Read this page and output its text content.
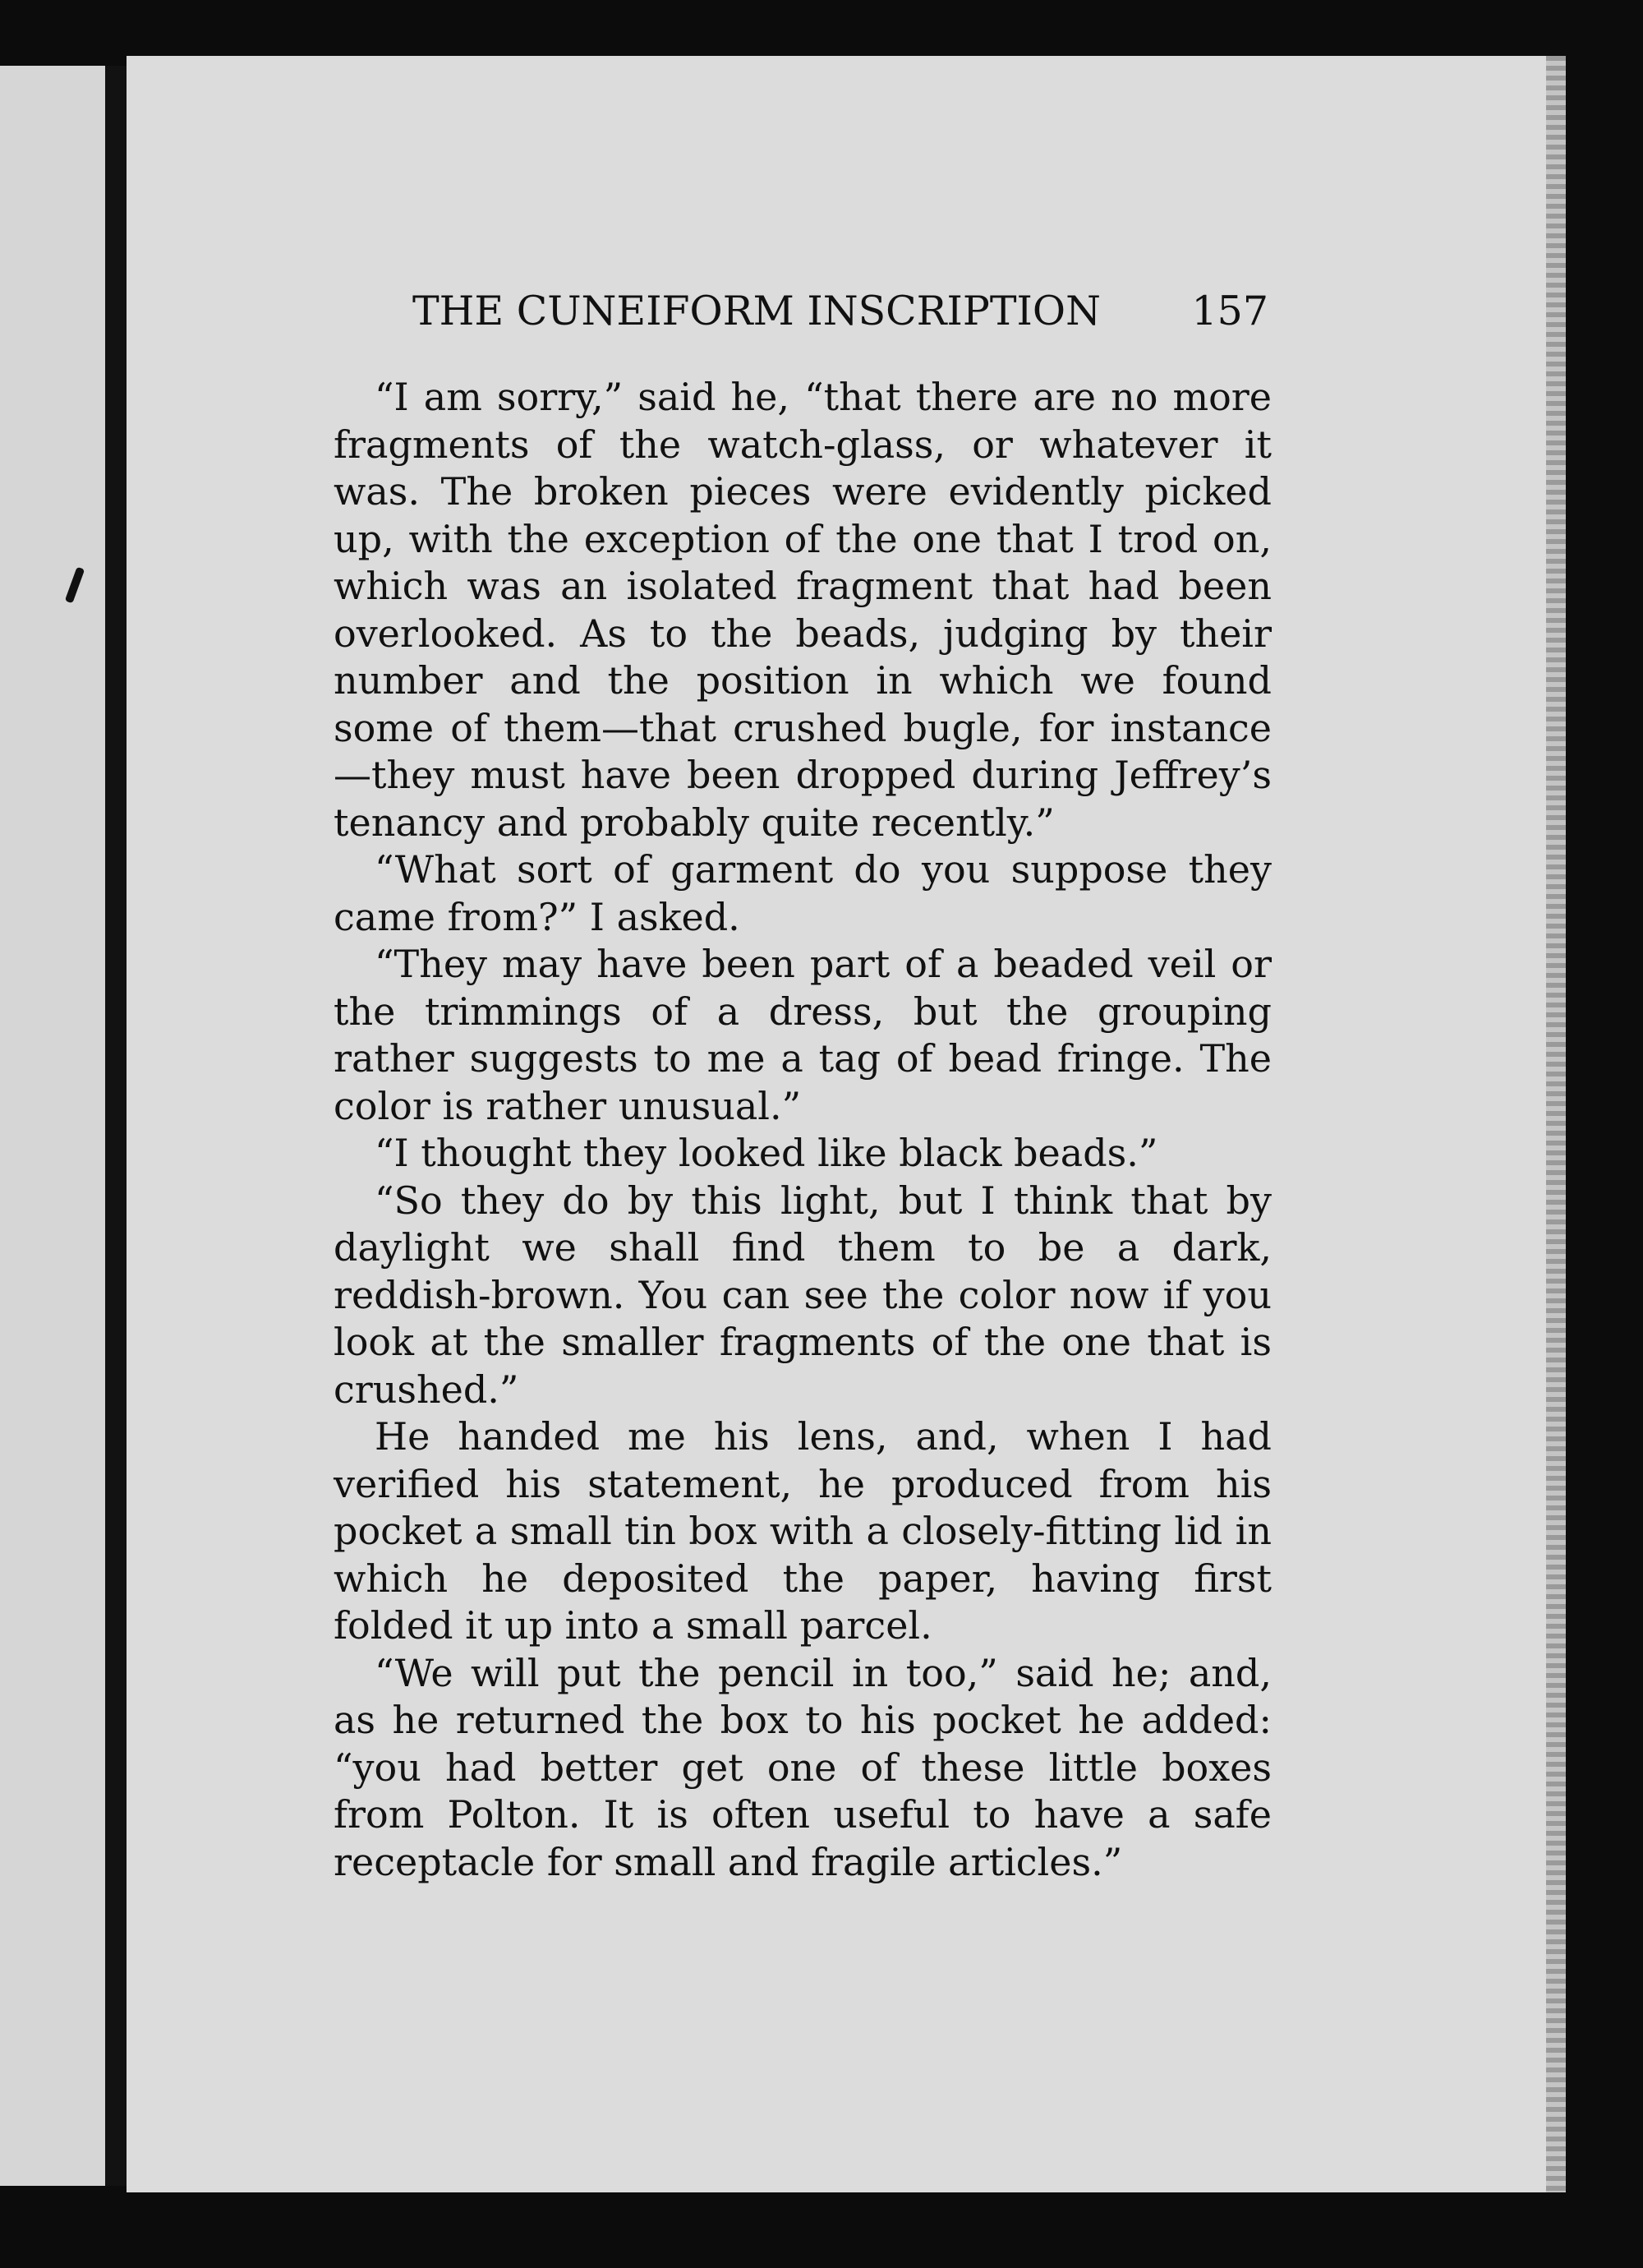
THE CUNEIFORM INSCRIPTION 157

“I am sorry,” said he, “that there are no more fragments of the watch-glass, or whatever it was. The broken pieces were evidently picked up, with the exception of the one that I trod on, which was an isolated fragment that had been overlooked. As to the beads, judging by their number and the position in which we found some of them—that crushed bugle, for instance—they must have been dropped during Jeffrey’s tenancy and probably quite recently.”

“What sort of garment do you suppose they came from?” I asked.

“They may have been part of a beaded veil or the trimmings of a dress, but the grouping rather suggests to me a tag of bead fringe. The color is rather unusual.”

“I thought they looked like black beads.”

“So they do by this light, but I think that by daylight we shall find them to be a dark, reddish-brown. You can see the color now if you look at the smaller fragments of the one that is crushed.”

He handed me his lens, and, when I had verified his statement, he produced from his pocket a small tin box with a closely-fitting lid in which he deposited the paper, having first folded it up into a small parcel.

“We will put the pencil in too,” said he; and, as he returned the box to his pocket he added: “you had better get one of these little boxes from Polton. It is often useful to have a safe receptacle for small and fragile articles.”
